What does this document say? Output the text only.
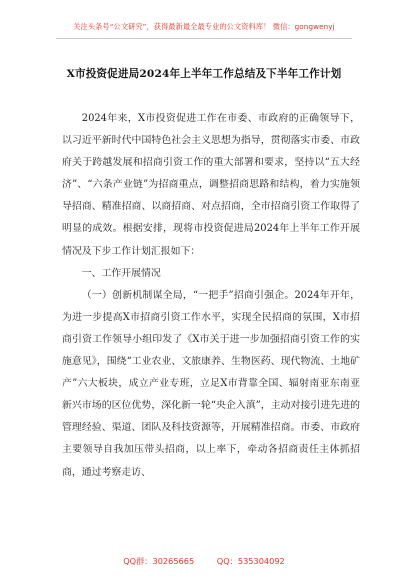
关注头条号“公文研究”，获得最新最全最专业的公文资料库！ 微信：gongwenyj
X市投资促进局2024年上半年工作总结及下半年工作计划

2024年来，X市投资促进工作在市委、市政府的正确领导下，以习近平新时代中国特色社会主义思想为指导，贯彻落实市委、市政府关于跨越发展和招商引资工作的重大部署和要求，坚持以“五大经济”、“六条产业链”为招商重点，调整招商思路和结构，着力实施领导招商、精准招商、以商招商、对点招商，全市招商引资工作取得了明显的成效。根据安排，现将市投资促进局2024年上半年工作开展情况及下步工作计划汇报如下：

一、工作开展情况

（一）创新机制谋全局，“一把手”招商引强企。2024年开年，为进一步提高X市招商引资工作水平，实现全民招商的氛围，X市招商引资工作领导小组印发了《X市关于进一步加强招商引资工作的实施意见》，围绕“工业农业、文旅康养、生物医药、现代物流、土地矿产”六大板块，成立产业专班，立足X市背靠全国、辐射南亚东南亚新兴市场的区位优势，深化新一轮“央企入滇”，主动对接引进先进的管理经验、渠道、团队及科技资源等，开展精准招商。市委、市政府主要领导自我加压带头招商，以上率下，牵动各招商责任主体抓招商，通过考察走访、

QQ群：30265665	QQ：535304092
